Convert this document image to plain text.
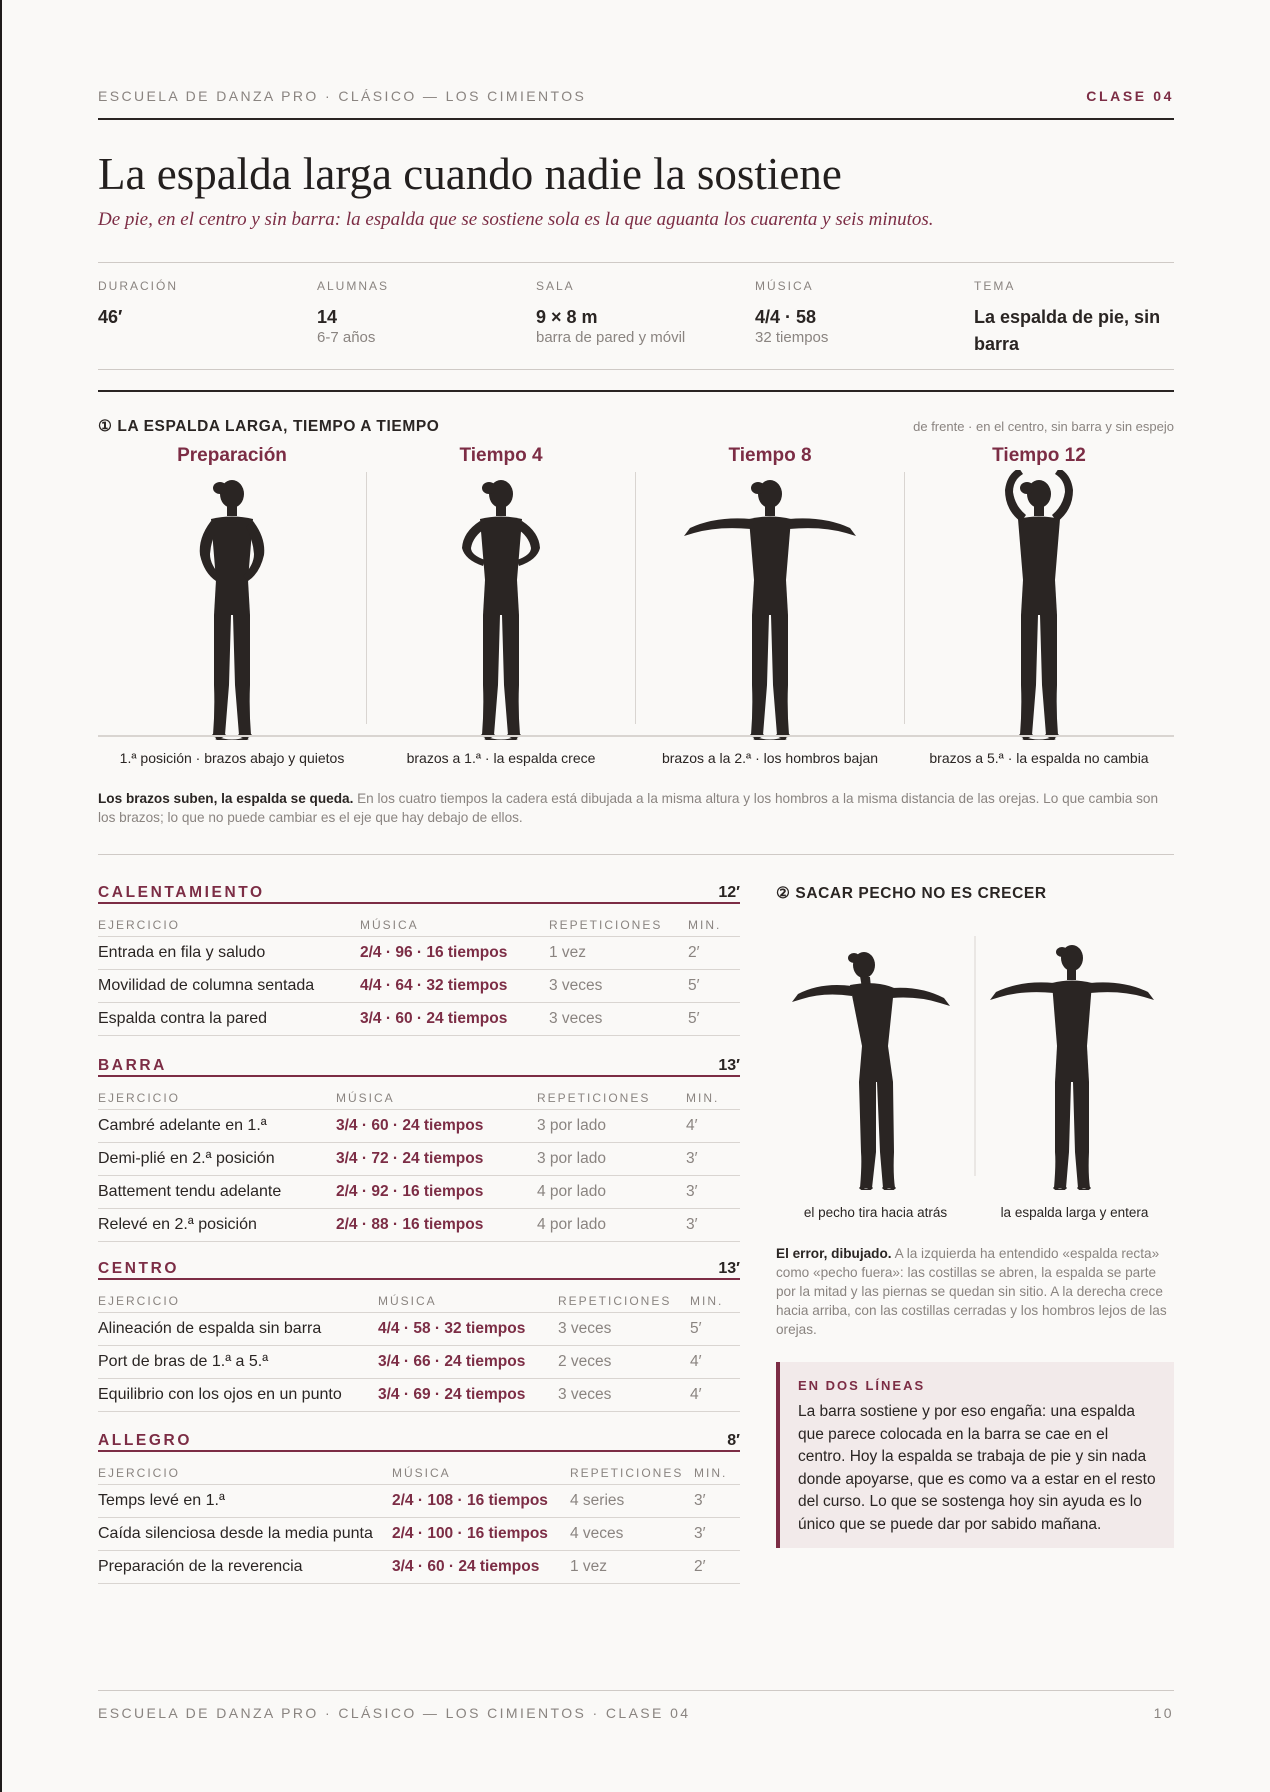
ESCUELA DE DANZA PRO · CLÁSICO — LOS CIMIENTOS	CLASE 04
La espalda larga cuando nadie la sostiene
De pie, en el centro y sin barra: la espalda que se sostiene sola es la que aguanta los cuarenta y seis minutos.
DURACIÓN
46′
ALUMNAS
14
6-7 años
SALA
9 × 8 m
barra de pared y móvil
MÚSICA
4/4 · 58
32 tiempos
TEMA
La espalda de pie, sin barra
① LA ESPALDA LARGA, TIEMPO A TIEMPO	de frente · en el centro, sin barra y sin espejo
Preparación	Tiempo 4	Tiempo 8	Tiempo 12
1.ª posición · brazos abajo y quietos	brazos a 1.ª · la espalda crece	brazos a la 2.ª · los hombros bajan	brazos a 5.ª · la espalda no cambia
Los brazos suben, la espalda se queda. En los cuatro tiempos la cadera está dibujada a la misma altura y los hombros a la misma distancia de las orejas. Lo que cambia son los brazos; lo que no puede cambiar es el eje que hay debajo de ellos.
CALENTAMIENTO	12′
EJERCICIO	MÚSICA	REPETICIONES	MIN.
Entrada en fila y saludo	2/4 · 96 · 16 tiempos	1 vez	2′
Movilidad de columna sentada	4/4 · 64 · 32 tiempos	3 veces	5′
Espalda contra la pared	3/4 · 60 · 24 tiempos	3 veces	5′
BARRA	13′
EJERCICIO	MÚSICA	REPETICIONES	MIN.
Cambré adelante en 1.ª	3/4 · 60 · 24 tiempos	3 por lado	4′
Demi-plié en 2.ª posición	3/4 · 72 · 24 tiempos	3 por lado	3′
Battement tendu adelante	2/4 · 92 · 16 tiempos	4 por lado	3′
Relevé en 2.ª posición	2/4 · 88 · 16 tiempos	4 por lado	3′
CENTRO	13′
EJERCICIO	MÚSICA	REPETICIONES	MIN.
Alineación de espalda sin barra	4/4 · 58 · 32 tiempos	3 veces	5′
Port de bras de 1.ª a 5.ª	3/4 · 66 · 24 tiempos	2 veces	4′
Equilibrio con los ojos en un punto	3/4 · 69 · 24 tiempos	3 veces	4′
ALLEGRO	8′
EJERCICIO	MÚSICA	REPETICIONES	MIN.
Temps levé en 1.ª	2/4 · 108 · 16 tiempos	4 series	3′
Caída silenciosa desde la media punta	2/4 · 100 · 16 tiempos	4 veces	3′
Preparación de la reverencia	3/4 · 60 · 24 tiempos	1 vez	2′
② SACAR PECHO NO ES CRECER
el pecho tira hacia atrás	la espalda larga y entera
El error, dibujado. A la izquierda ha entendido «espalda recta» como «pecho fuera»: las costillas se abren, la espalda se parte por la mitad y las piernas se quedan sin sitio. A la derecha crece hacia arriba, con las costillas cerradas y los hombros lejos de las orejas.
EN DOS LÍNEAS
La barra sostiene y por eso engaña: una espalda que parece colocada en la barra se cae en el centro. Hoy la espalda se trabaja de pie y sin nada donde apoyarse, que es como va a estar en el resto del curso. Lo que se sostenga hoy sin ayuda es lo único que se puede dar por sabido mañana.
ESCUELA DE DANZA PRO · CLÁSICO — LOS CIMIENTOS · CLASE 04	10
